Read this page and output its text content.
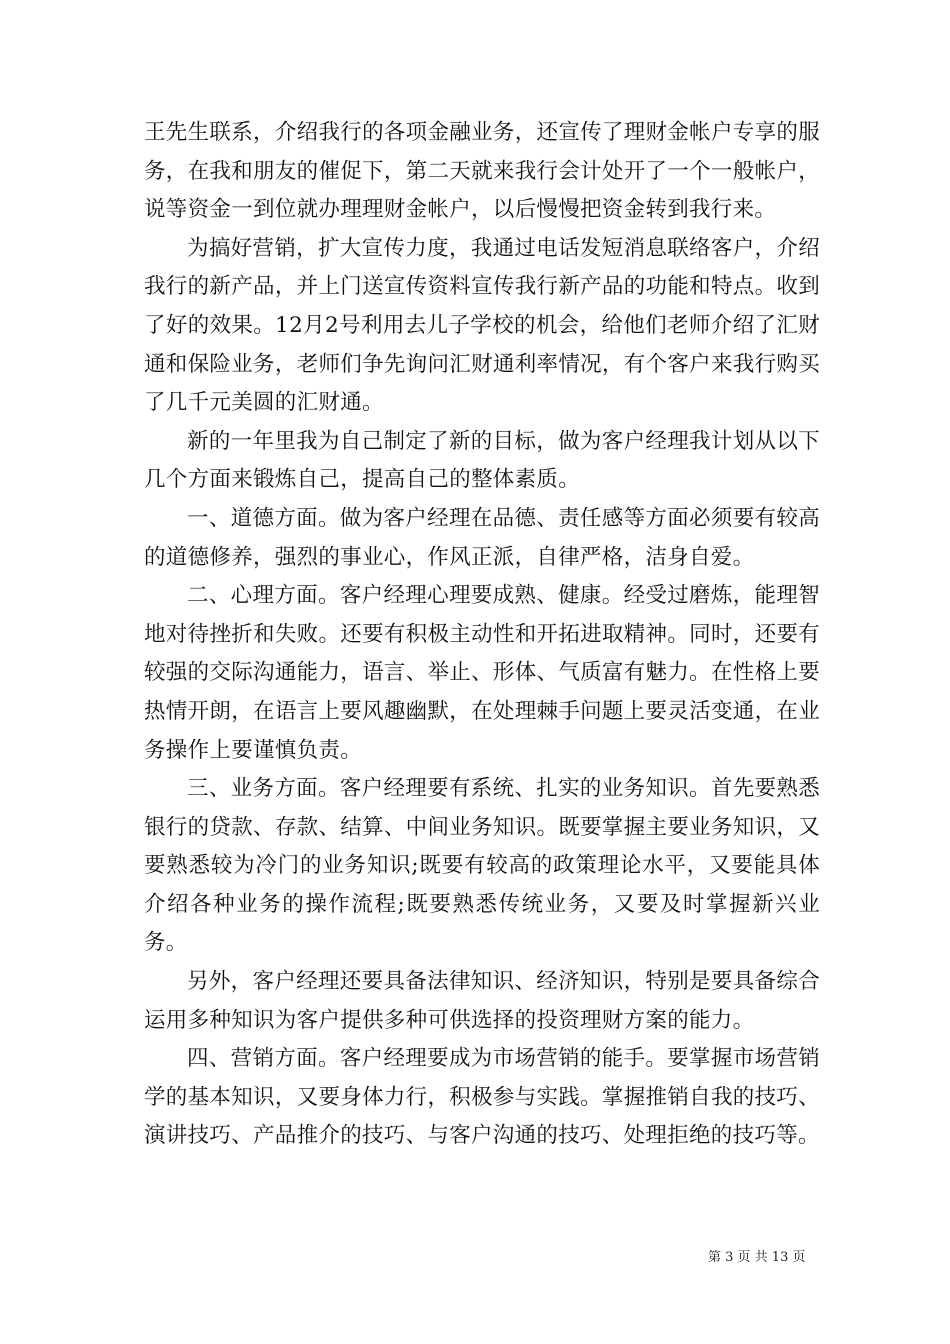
王先生联系，介绍我行的各项金融业务，还宣传了理财金帐户专享的服务，在我和朋友的催促下，第二天就来我行会计处开了一个一般帐户，说等资金一到位就办理理财金帐户，以后慢慢把资金转到我行来。

为搞好营销，扩大宣传力度，我通过电话发短消息联络客户，介绍我行的新产品，并上门送宣传资料宣传我行新产品的功能和特点。收到了好的效果。12月2号利用去儿子学校的机会，给他们老师介绍了汇财通和保险业务，老师们争先询问汇财通利率情况，有个客户来我行购买了几千元美圆的汇财通。

新的一年里我为自己制定了新的目标，做为客户经理我计划从以下几个方面来锻炼自己，提高自己的整体素质。

一、道德方面。做为客户经理在品德、责任感等方面必须要有较高的道德修养，强烈的事业心，作风正派，自律严格，洁身自爱。

二、心理方面。客户经理心理要成熟、健康。经受过磨炼，能理智地对待挫折和失败。还要有积极主动性和开拓进取精神。同时，还要有较强的交际沟通能力，语言、举止、形体、气质富有魅力。在性格上要热情开朗，在语言上要风趣幽默，在处理棘手问题上要灵活变通，在业务操作上要谨慎负责。

三、业务方面。客户经理要有系统、扎实的业务知识。首先要熟悉银行的贷款、存款、结算、中间业务知识。既要掌握主要业务知识，又要熟悉较为冷门的业务知识;既要有较高的政策理论水平，又要能具体介绍各种业务的操作流程;既要熟悉传统业务，又要及时掌握新兴业务。

另外，客户经理还要具备法律知识、经济知识，特别是要具备综合运用多种知识为客户提供多种可供选择的投资理财方案的能力。

四、营销方面。客户经理要成为市场营销的能手。要掌握市场营销学的基本知识，又要身体力行，积极参与实践。掌握推销自我的技巧、演讲技巧、产品推介的技巧、与客户沟通的技巧、处理拒绝的技巧等。

第 3 页 共 13 页
